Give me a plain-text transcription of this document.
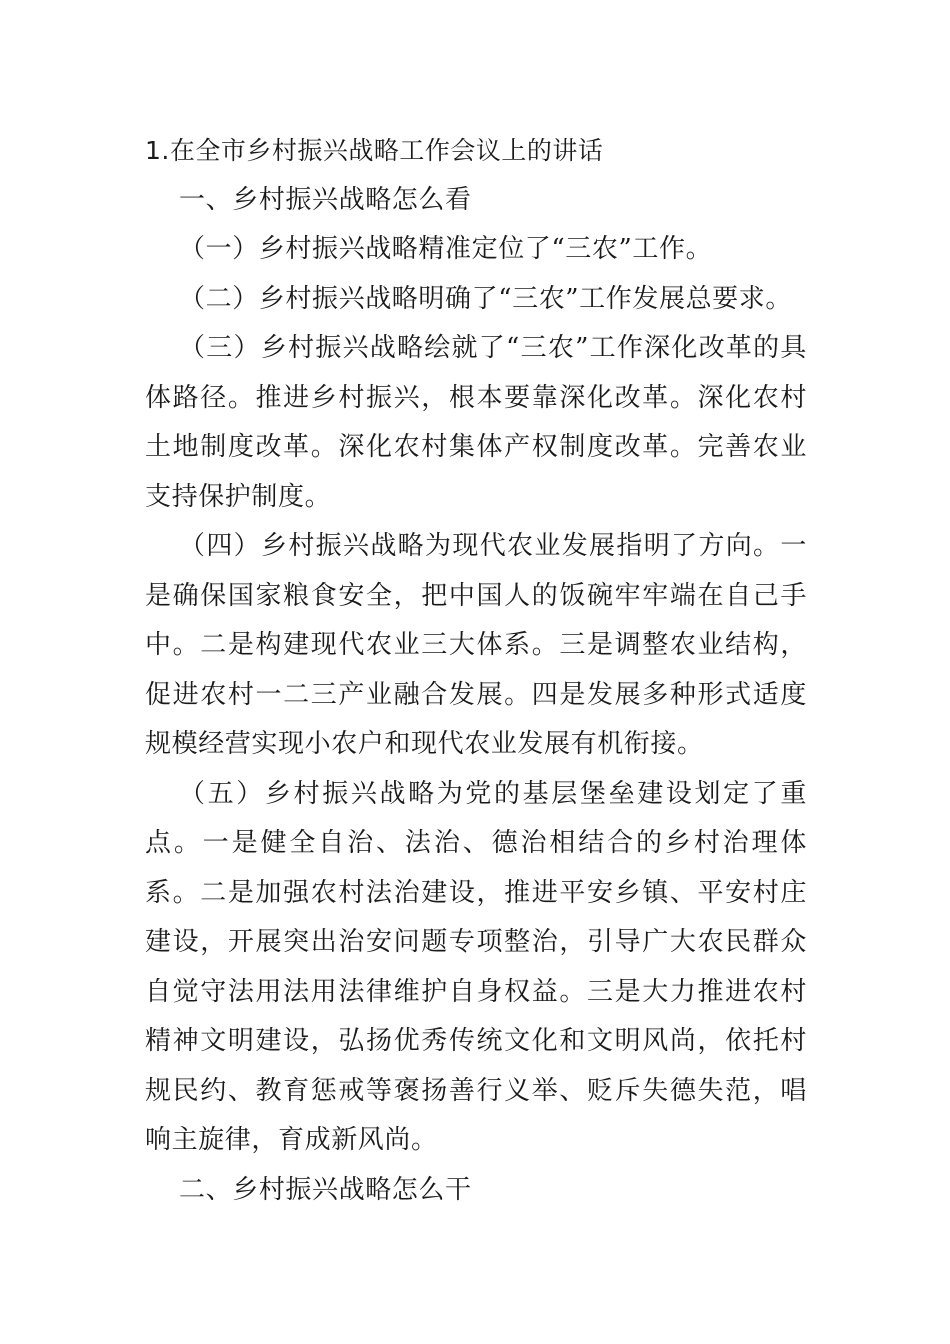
1.在全市乡村振兴战略工作会议上的讲话

一、乡村振兴战略怎么看

（一）乡村振兴战略精准定位了“三农”工作。

（二）乡村振兴战略明确了“三农”工作发展总要求。

（三）乡村振兴战略绘就了“三农”工作深化改革的具体路径。推进乡村振兴，根本要靠深化改革。深化农村土地制度改革。深化农村集体产权制度改革。完善农业支持保护制度。

（四）乡村振兴战略为现代农业发展指明了方向。一是确保国家粮食安全，把中国人的饭碗牢牢端在自己手中。二是构建现代农业三大体系。三是调整农业结构，促进农村一二三产业融合发展。四是发展多种形式适度规模经营实现小农户和现代农业发展有机衔接。

（五）乡村振兴战略为党的基层堡垒建设划定了重点。一是健全自治、法治、德治相结合的乡村治理体系。二是加强农村法治建设，推进平安乡镇、平安村庄建设，开展突出治安问题专项整治，引导广大农民群众自觉守法用法用法律维护自身权益。三是大力推进农村精神文明建设，弘扬优秀传统文化和文明风尚，依托村规民约、教育惩戒等褒扬善行义举、贬斥失德失范，唱响主旋律，育成新风尚。

二、乡村振兴战略怎么干
